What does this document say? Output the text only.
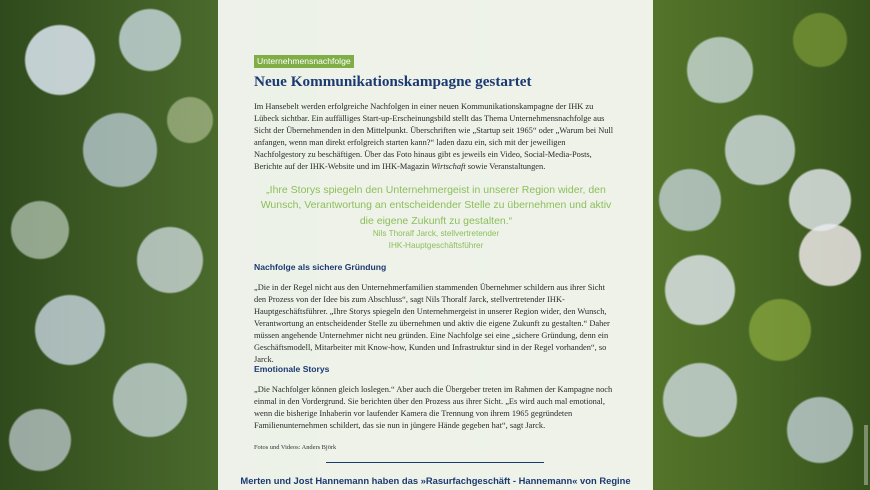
Unternehmensnachfolge
Neue Kommunikationskampagne gestartet

Im Hansebelt werden erfolgreiche Nachfolgen in einer neuen Kommunikationskampagne der IHK zu Lübeck sichtbar. Ein auffälliges Start-up-Erscheinungsbild stellt das Thema Unternehmensnachfolge aus Sicht der Übernehmenden in den Mittelpunkt. Überschriften wie „Startup seit 1965“ oder „Warum bei Null anfangen, wenn man direkt erfolgreich starten kann?“ laden dazu ein, sich mit der jeweiligen Nachfolgestory zu beschäftigen. Über das Foto hinaus gibt es jeweils ein Video, Social-Media-Posts, Berichte auf der IHK-Website und im IHK-Magazin Wirtschaft sowie Veranstaltungen.

„Ihre Storys spiegeln den Unternehmergeist in unserer Region wider, den Wunsch, Verantwortung an entscheidender Stelle zu übernehmen und aktiv die eigene Zukunft zu gestalten.“
Nils Thoralf Jarck, stellvertretender
IHK-Hauptgeschäftsführer
Nachfolge als sichere Gründung

„Die in der Regel nicht aus den Unternehmerfamilien stammenden Übernehmer schildern aus ihrer Sicht den Prozess von der Idee bis zum Abschluss“, sagt Nils Thoralf Jarck, stellvertretender IHK-Hauptgeschäftsführer. „Ihre Storys spiegeln den Unternehmergeist in unserer Region wider, den Wunsch, Verantwortung an entscheidender Stelle zu übernehmen und aktiv die eigene Zukunft zu gestalten.“ Daher müssen angehende Unternehmer nicht neu gründen. Eine Nachfolge sei eine „sichere Gründung, denn ein Geschäftsmodell, Mitarbeiter mit Know-how, Kunden und Infrastruktur sind in der Regel vorhanden“, so Jarck.

Emotionale Storys

„Die Nachfolger können gleich loslegen.“ Aber auch die Übergeber treten im Rahmen der Kampagne noch einmal in den Vordergrund. Sie berichten über den Prozess aus ihrer Sicht. „Es wird auch mal emotional, wenn die bisherige Inhaberin vor laufender Kamera die Trennung von ihrem 1965 gegründeten Familienunternehmen schildert, das sie nun in jüngere Hände gegeben hat“, sagt Jarck.

Fotos und Videos: Anders Björk
Merten und Jost Hannemann haben das »Rasurfachgeschäft - Hannemann« von Regine
